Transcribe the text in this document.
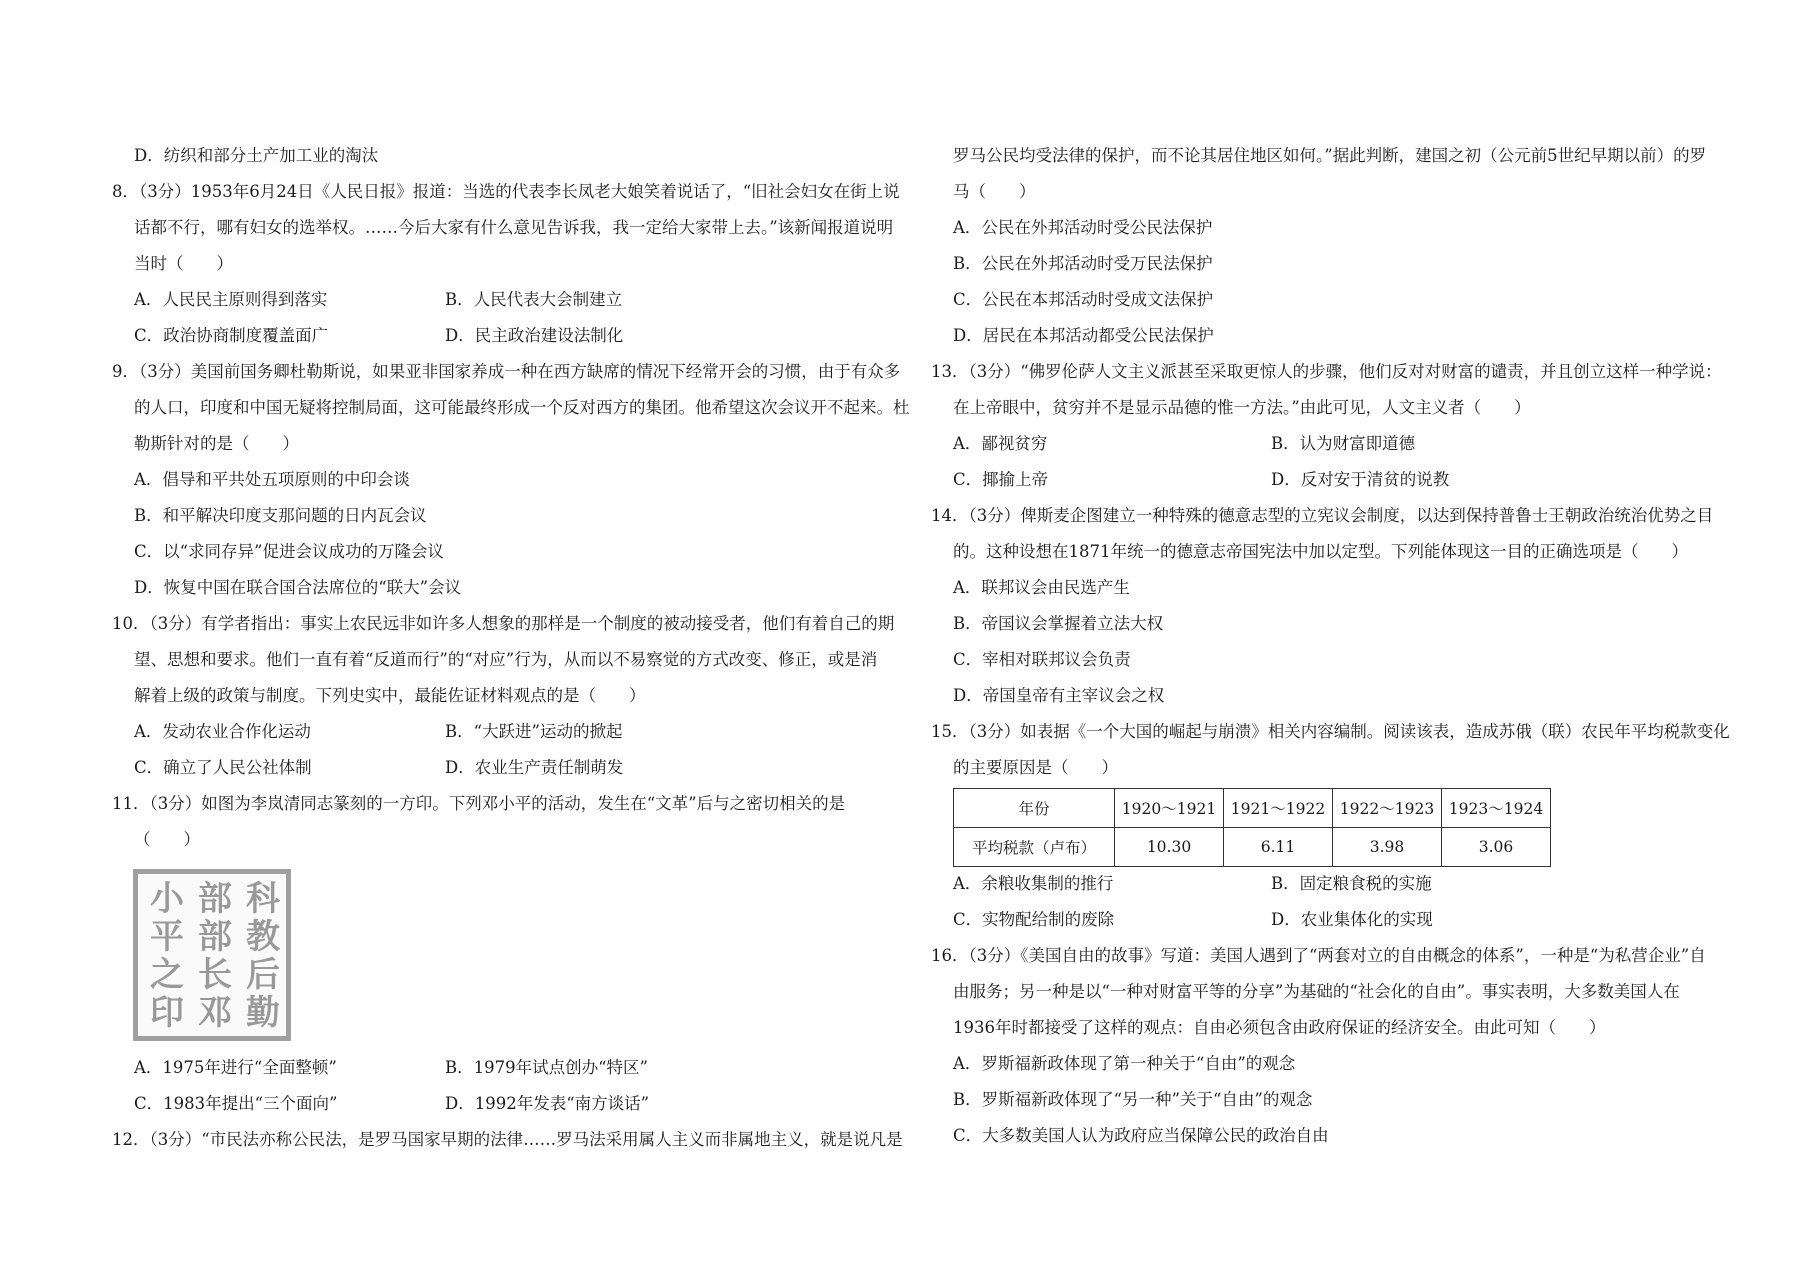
D．纺织和部分土产加工业的淘汰
8．（3分）1953年6月24日《人民日报》报道：当选的代表李长凤老大娘笑着说话了，“旧社会妇女在街上说
话都不行，哪有妇女的选举权。……今后大家有什么意见告诉我，我一定给大家带上去。”该新闻报道说明
当时（　　）
A．人民民主原则得到落实	B．人民代表大会制建立
C．政治协商制度覆盖面广	D．民主政治建设法制化
9．（3分）美国前国务卿杜勒斯说，如果亚非国家养成一种在西方缺席的情况下经常开会的习惯，由于有众多
的人口，印度和中国无疑将控制局面，这可能最终形成一个反对西方的集团。他希望这次会议开不起来。杜
勒斯针对的是（　　）
A．倡导和平共处五项原则的中印会谈
B．和平解决印度支那问题的日内瓦会议
C．以“求同存异”促进会议成功的万隆会议
D．恢复中国在联合国合法席位的“联大”会议
10．（3分）有学者指出：事实上农民远非如许多人想象的那样是一个制度的被动接受者，他们有着自己的期
望、思想和要求。他们一直有着“反道而行”的“对应”行为，从而以不易察觉的方式改变、修正，或是消
解着上级的政策与制度。下列史实中，最能佐证材料观点的是（　　）
A．发动农业合作化运动	B．“大跃进”运动的掀起
C．确立了人民公社体制	D．农业生产责任制萌发
11．（3分）如图为李岚清同志篆刻的一方印。下列邓小平的活动，发生在“文革”后与之密切相关的是
（　　）
科
教
后
勤
部
部
长
邓
小
平
之
印
A．1975年进行“全面整顿”	B．1979年试点创办“特区”
C．1983年提出“三个面向”	D．1992年发表“南方谈话”
12．（3分）“市民法亦称公民法，是罗马国家早期的法律……罗马法采用属人主义而非属地主义，就是说凡是
罗马公民均受法律的保护，而不论其居住地区如何。”据此判断，建国之初（公元前5世纪早期以前）的罗
马（　　）
A．公民在外邦活动时受公民法保护
B．公民在外邦活动时受万民法保护
C．公民在本邦活动时受成文法保护
D．居民在本邦活动都受公民法保护
13．（3分）“佛罗伦萨人文主义派甚至采取更惊人的步骤，他们反对对财富的谴责，并且创立这样一种学说：
在上帝眼中，贫穷并不是显示品德的惟一方法。”由此可见，人文主义者（　　）
A．鄙视贫穷	B．认为财富即道德
C．揶揄上帝	D．反对安于清贫的说教
14．（3分）俾斯麦企图建立一种特殊的德意志型的立宪议会制度，以达到保持普鲁士王朝政治统治优势之目
的。这种设想在1871年统一的德意志帝国宪法中加以定型。下列能体现这一目的正确选项是（　　）
A．联邦议会由民选产生
B．帝国议会掌握着立法大权
C．宰相对联邦议会负责
D．帝国皇帝有主宰议会之权
15．（3分）如表据《一个大国的崛起与崩溃》相关内容编制。阅读该表，造成苏俄（联）农民年平均税款变化
的主要原因是（　　）
年份	1920～1921	1921～1922	1922～1923	1923～1924
平均税款（卢布）	10.30	6.11	3.98	3.06
A．余粮收集制的推行	B．固定粮食税的实施
C．实物配给制的废除	D．农业集体化的实现
16．（3分）《美国自由的故事》写道：美国人遇到了“两套对立的自由概念的体系”，一种是“为私营企业”自
由服务；另一种是以“一种对财富平等的分享”为基础的“社会化的自由”。事实表明，大多数美国人在
1936年时都接受了这样的观点：自由必须包含由政府保证的经济安全。由此可知（　　）
A．罗斯福新政体现了第一种关于“自由”的观念
B．罗斯福新政体现了“另一种”关于“自由”的观念
C．大多数美国人认为政府应当保障公民的政治自由
